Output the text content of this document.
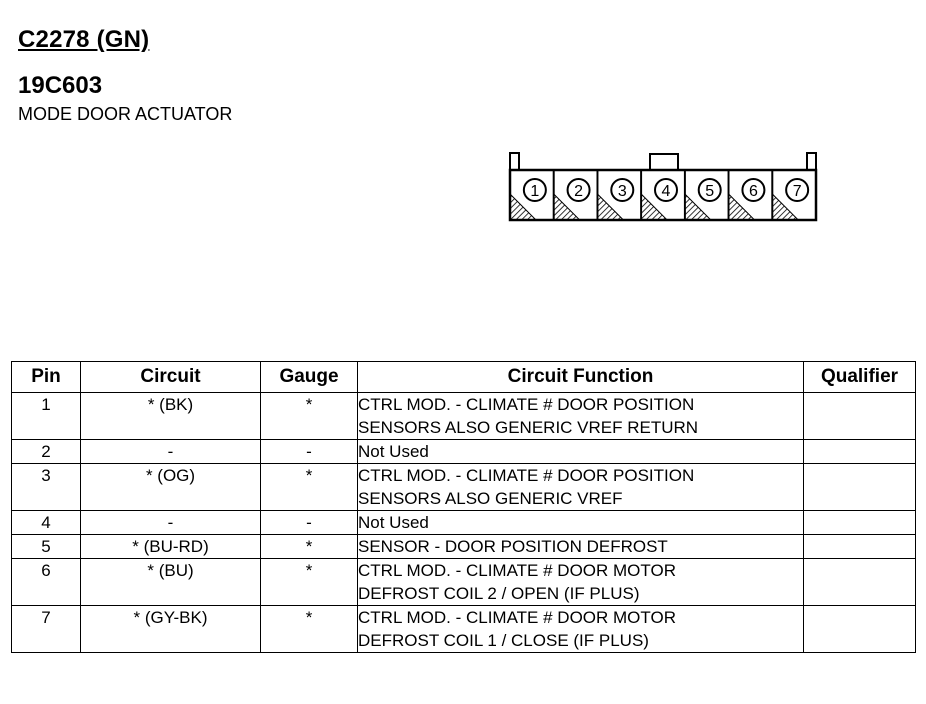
C2278 (GN)
19C603
MODE DOOR ACTUATOR
1 2 3 4 5 6 7
Pin	Circuit	Gauge	Circuit Function	Qualifier
1	* (BK)	*	CTRL MOD. - CLIMATE # DOOR POSITION
SENSORS ALSO GENERIC VREF RETURN	

2	-	-	Not Used	

3	* (OG)	*	CTRL MOD. - CLIMATE # DOOR POSITION
SENSORS ALSO GENERIC VREF	

4	-	-	Not Used	

5	* (BU-RD)	*	SENSOR - DOOR POSITION DEFROST	

6	* (BU)	*	CTRL MOD. - CLIMATE # DOOR MOTOR
DEFROST COIL 2 / OPEN (IF PLUS)	

7	* (GY-BK)	*	CTRL MOD. - CLIMATE # DOOR MOTOR
DEFROST COIL 1 / CLOSE (IF PLUS)	
